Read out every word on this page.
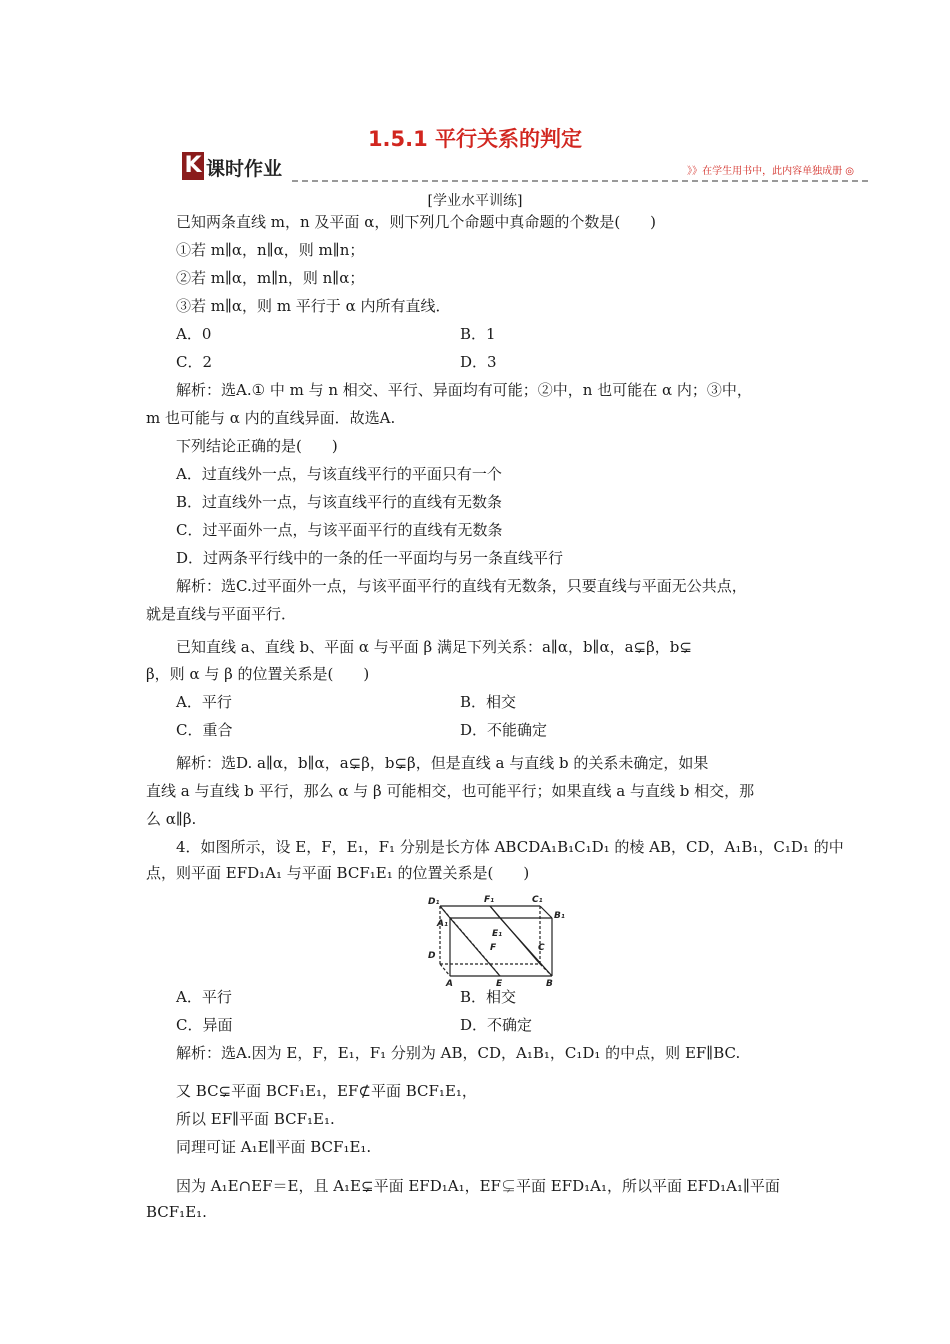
1.5.1 平行关系的判定
K 课时作业	》》在学生用书中，此内容单独成册 ◎
[学业水平训练]
已知两条直线 m，n 及平面 α，则下列几个命题中真命题的个数是(　　)
①若 m∥α，n∥α，则 m∥n；
②若 m∥α，m∥n，则 n∥α；
③若 m∥α，则 m 平行于 α 内所有直线．
A．0	B．1
C．2	D．3
解析：选A.① 中 m 与 n 相交、平行、异面均有可能；②中，n 也可能在 α 内；③中，
m 也可能与 α 内的直线异面．故选A.
下列结论正确的是(　　)
A．过直线外一点，与该直线平行的平面只有一个
B．过直线外一点，与该直线平行的直线有无数条
C．过平面外一点，与该平面平行的直线有无数条
D．过两条平行线中的一条的任一平面均与另一条直线平行
解析：选C.过平面外一点，与该平面平行的直线有无数条，只要直线与平面无公共点，
就是直线与平面平行．
已知直线 a、直线 b、平面 α 与平面 β 满足下列关系：a∥α，b∥α，a⊊β，b⊊
β，则 α 与 β 的位置关系是(　　)
A．平行	B．相交
C．重合	D．不能确定
解析：选D. a∥α，b∥α，a⊊β，b⊊β，但是直线 a 与直线 b 的关系未确定，如果
直线 a 与直线 b 平行，那么 α 与 β 可能相交，也可能平行；如果直线 a 与直线 b 相交，那
么 α∥β.
4．如图所示，设 E，F，E₁，F₁ 分别是长方体 ABCDA₁B₁C₁D₁ 的棱 AB，CD，A₁B₁，C₁D₁ 的中
点，则平面 EFD₁A₁ 与平面 BCF₁E₁ 的位置关系是(　　)
A．平行	B．相交
C．异面	D．不确定
解析：选A.因为 E，F，E₁，F₁ 分别为 AB，CD，A₁B₁，C₁D₁ 的中点，则 EF∥BC.
又 BC⊊平面 BCF₁E₁，EF⊄平面 BCF₁E₁，
所以 EF∥平面 BCF₁E₁.
同理可证 A₁E∥平面 BCF₁E₁.
因为 A₁E∩EF＝E，且 A₁E⊊平面 EFD₁A₁，EF⊊平面 EFD₁A₁，所以平面 EFD₁A₁∥平面
BCF₁E₁.
D₁	F₁	C₁
B₁
A₁
E₁
F	C
D
A	E	B
